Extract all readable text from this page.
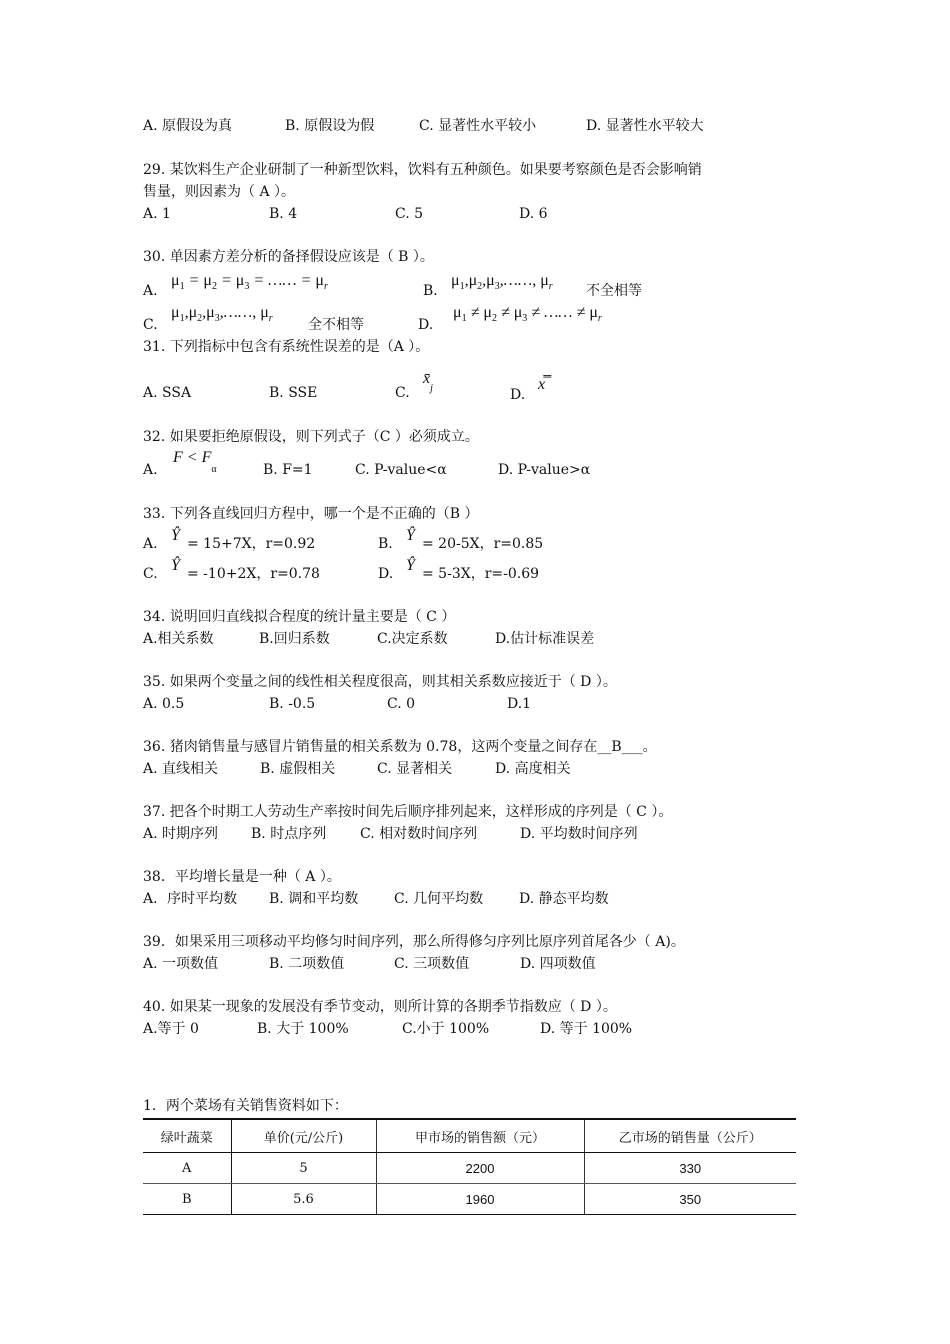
A. 原假设为真	B. 原假设为假	C. 显著性水平较小	D. 显著性水平较大
29. 某饮料生产企业研制了一种新型饮料，饮料有五种颜色。如果要考察颜色是否会影响销
售量，则因素为（ A ）。
A. 1	B. 4	C. 5	D. 6
30. 单因素方差分析的备择假设应该是（ B ）。
A.
$\mu_1 = \mu_2 = \mu_3$ = …… = $\mu_r$	B.
$\mu_1,\mu_2,\mu_3,\dots\dots$, $\mu_r$ 不全相等
C.
$\mu_1,\mu_2,\mu_3,\dots\dots$, $\mu_r$	全不相等	D.
$\mu_1 \ne \mu_2 \ne \mu_3$ ≠ …… ≠ $\mu_r$
31. 下列指标中包含有系统性误差的是（A ）。
A. SSA	B. SSE	C.
$x̄_j$	D.
x̿
32. 如果要拒绝原假设，则下列式子（C ）必须成立。
A.
$F < F_\alpha$	B. F=1	C. P-value<α	D. P-value>α
33. 下列各直线回归方程中，哪一个是不正确的（B ）
A. Ŷ = 15+7X，r=0.92	B. Ŷ = 20-5X，r=0.85
C. Ŷ = -10+2X，r=0.78	D. Ŷ = 5-3X，r=-0.69
34. 说明回归直线拟合程度的统计量主要是（ C ）
A.相关系数	B.回归系数	C.决定系数	D.估计标准误差
35. 如果两个变量之间的线性相关程度很高，则其相关系数应接近于（ D ）。
A. 0.5	B. -0.5	C. 0	D.1
36. 猪肉销售量与感冒片销售量的相关系数为 0.78，这两个变量之间存在__B___。
A. 直线相关	B. 虚假相关	C. 显著相关	D. 高度相关
37. 把各个时期工人劳动生产率按时间先后顺序排列起来，这样形成的序列是（ C ）。
A. 时期序列 B. 时点序列 C. 相对数时间序列	D. 平均数时间序列
38．平均增长量是一种（ A ）。
A．序时平均数 B. 调和平均数	C. 几何平均数	D. 静态平均数
39．如果采用三项移动平均修匀时间序列，那么所得修匀序列比原序列首尾各少（ A)。
A. 一项数值	B. 二项数值	C. 三项数值	D. 四项数值
40. 如果某一现象的发展没有季节变动，则所计算的各期季节指数应（ D ）。
A.等于 0	B. 大于 100%	C.小于 100%	D. 等于 100%
1．两个菜场有关销售资料如下：
绿叶蔬菜	单价(元/公斤)	甲市场的销售额（元）	乙市场的销售量（公斤）
A	5	2200	330
B	5.6	1960	350
